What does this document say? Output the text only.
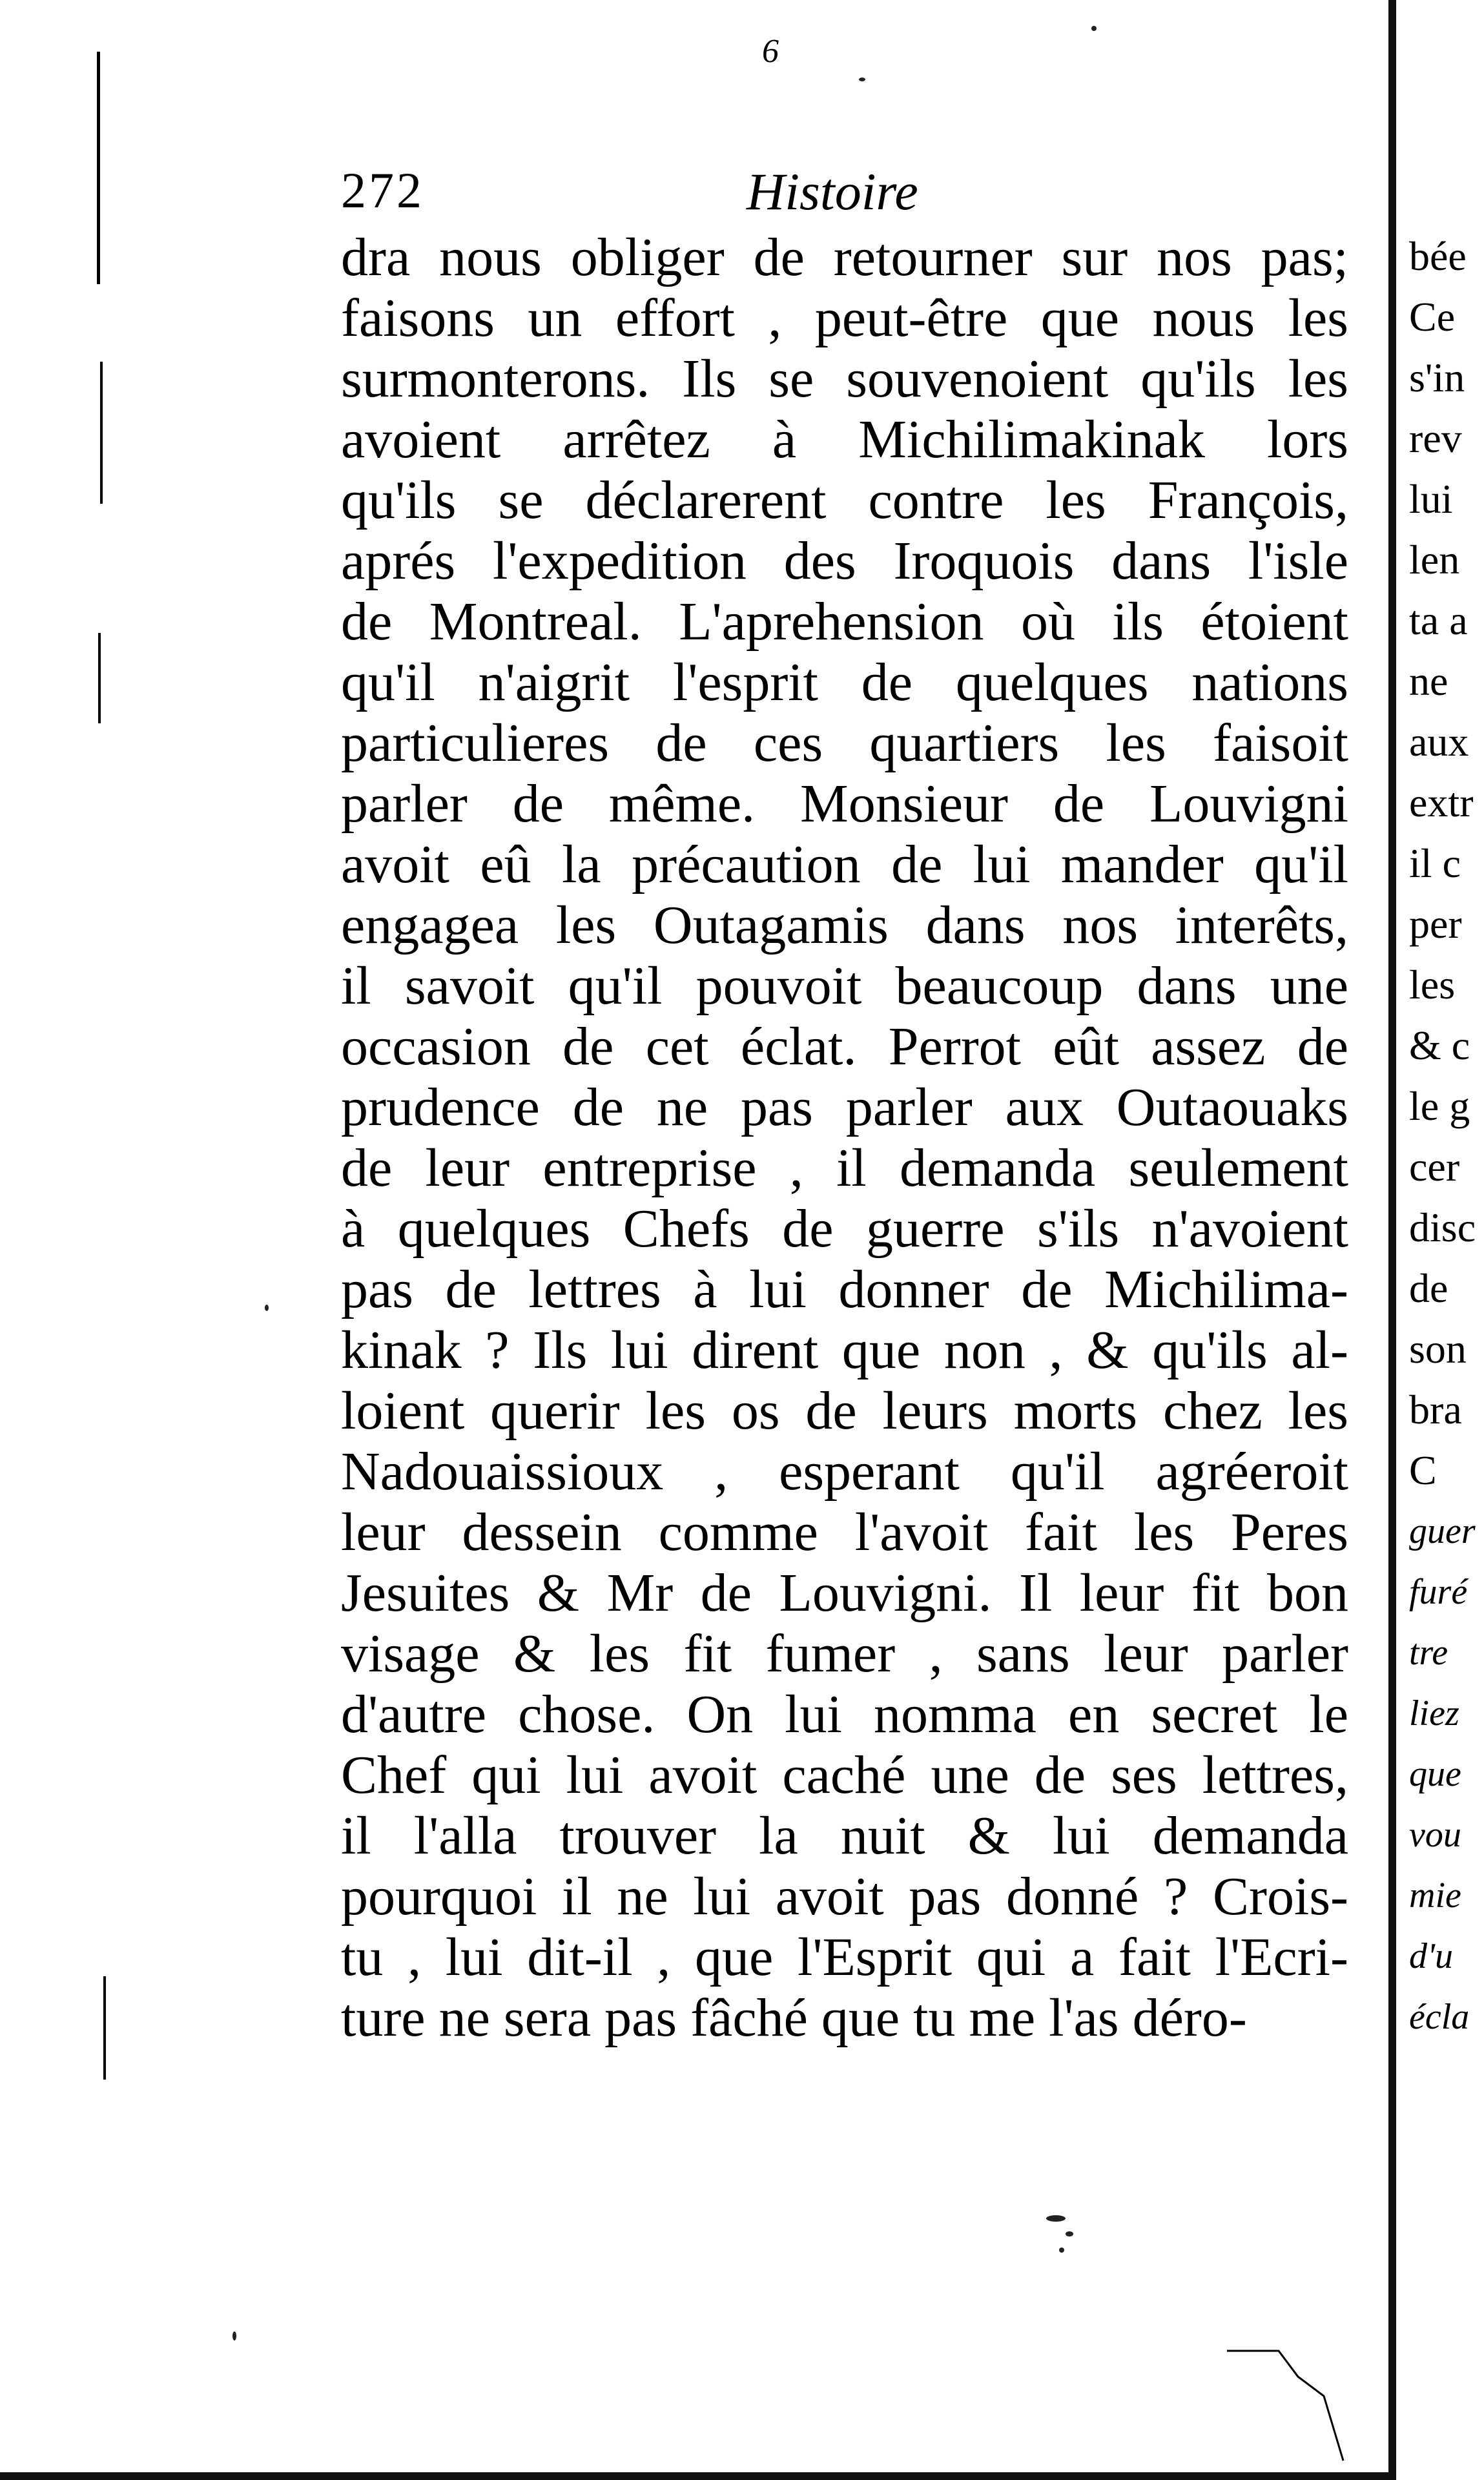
6
272	Histoire
dra nous obliger de retourner sur nos pas;
faisons un effort , peut-être que nous les
surmonterons. Ils se souvenoient qu'ils les
avoient arrêtez à Michilimakinak lors
qu'ils se déclarerent contre les François,
aprés l'expedition des Iroquois dans l'isle
de Montreal. L'aprehension où ils étoient
qu'il n'aigrit l'esprit de quelques nations
particulieres de ces quartiers les faisoit
parler de même. Monsieur de Louvigni
avoit eû la précaution de lui mander qu'il
engagea les Outagamis dans nos interêts,
il savoit qu'il pouvoit beaucoup dans une
occasion de cet éclat. Perrot eût assez de
prudence de ne pas parler aux Outaouaks
de leur entreprise , il demanda seulement
à quelques Chefs de guerre s'ils n'avoient
pas de lettres à lui donner de Michilima-
kinak ? Ils lui dirent que non , & qu'ils al-
loient querir les os de leurs morts chez les
Nadouaissioux , esperant qu'il agréeroit
leur dessein comme l'avoit fait les Peres
Jesuites & Mr de Louvigni. Il leur fit bon
visage & les fit fumer , sans leur parler
d'autre chose. On lui nomma en secret le
Chef qui lui avoit caché une de ses lettres,
il l'alla trouver la nuit & lui demanda
pourquoi il ne lui avoit pas donné ? Crois-
tu , lui dit-il , que l'Esprit qui a fait l'Ecri-
ture ne sera pas fâché que tu me l'as déro-
bée
Ce
s'in
rev
lui
len
ta a
ne
aux
extr
il c
per
les
& c
le g
cer
disc
de
son
bra
C
guer
furé
tre
liez
que
vou
mie
d'u
écla
